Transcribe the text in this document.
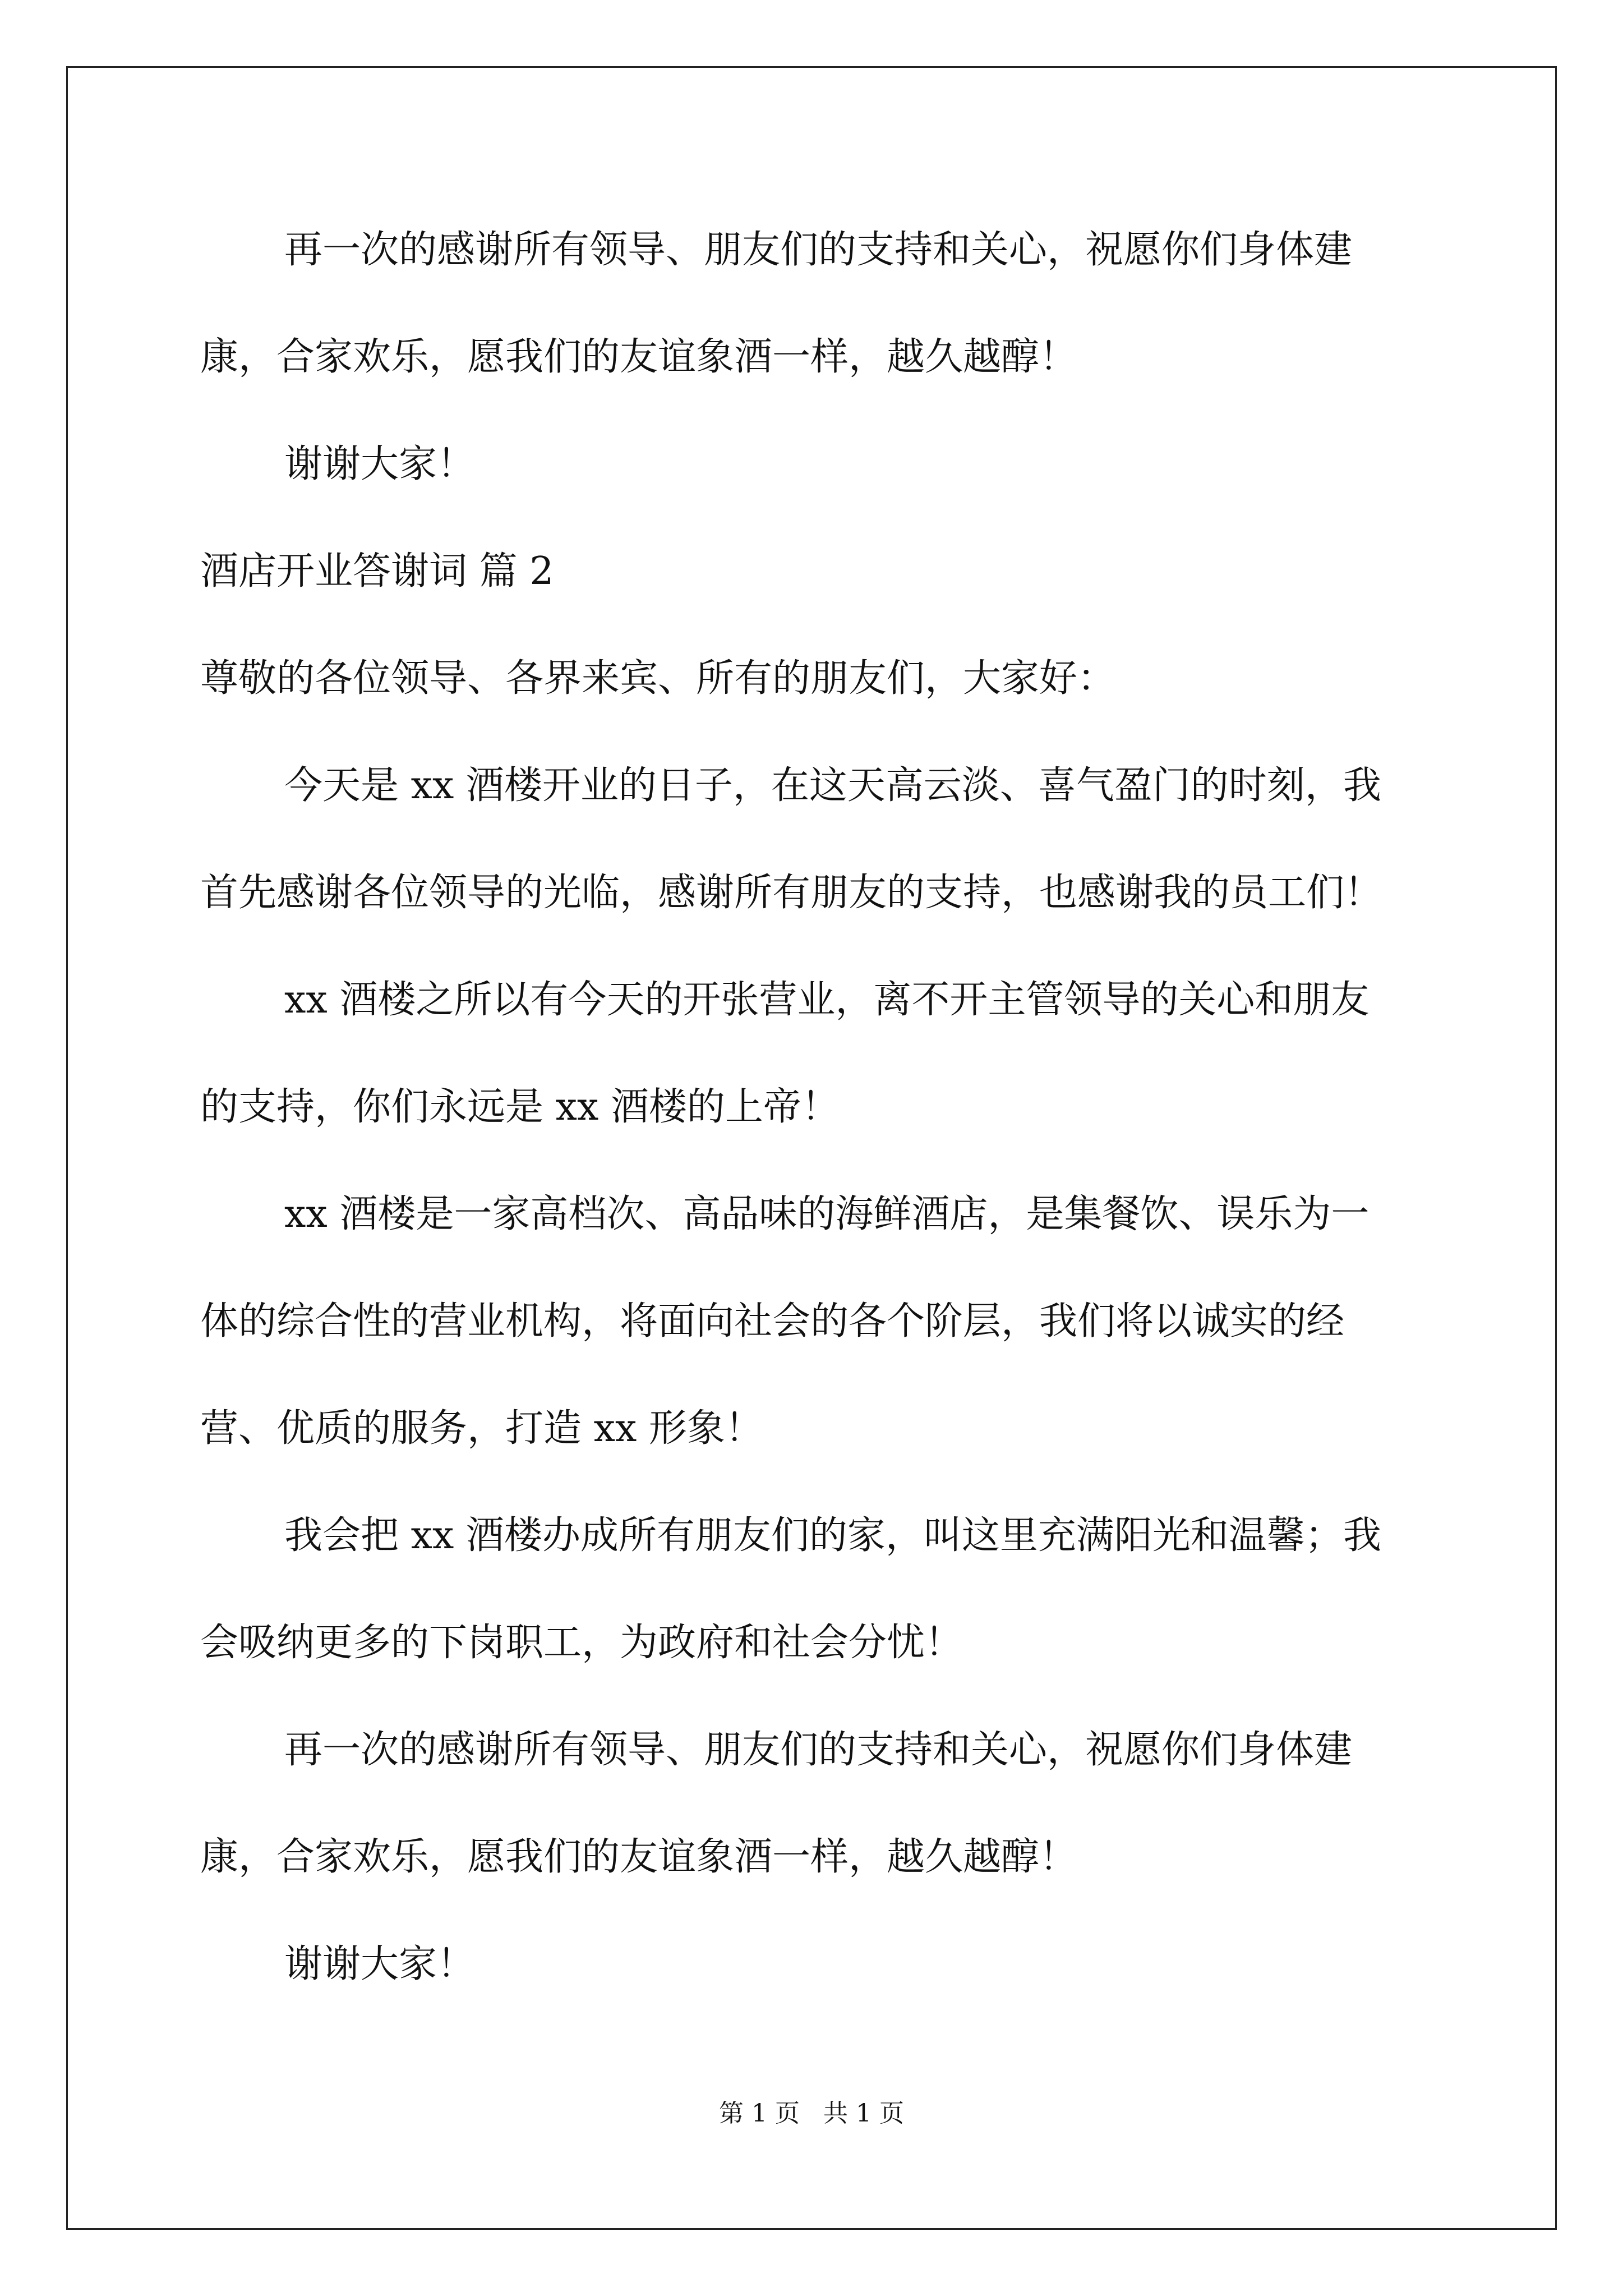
再一次的感谢所有领导、朋友们的支持和关心，祝愿你们身体建
康，合家欢乐，愿我们的友谊象酒一样，越久越醇！
谢谢大家！
酒店开业答谢词 篇 2
尊敬的各位领导、各界来宾、所有的朋友们，大家好：
今天是 xx 酒楼开业的日子，在这天高云淡、喜气盈门的时刻，我
首先感谢各位领导的光临，感谢所有朋友的支持，也感谢我的员工们！
xx 酒楼之所以有今天的开张营业，离不开主管领导的关心和朋友
的支持，你们永远是 xx 酒楼的上帝！
xx 酒楼是一家高档次、高品味的海鲜酒店，是集餐饮、误乐为一
体的综合性的营业机构，将面向社会的各个阶层，我们将以诚实的经
营、优质的服务，打造 xx 形象！
我会把 xx 酒楼办成所有朋友们的家，叫这里充满阳光和温馨；我
会吸纳更多的下岗职工，为政府和社会分忧！
再一次的感谢所有领导、朋友们的支持和关心，祝愿你们身体建
康，合家欢乐，愿我们的友谊象酒一样，越久越醇！
谢谢大家！
第 1 页 共 1 页
